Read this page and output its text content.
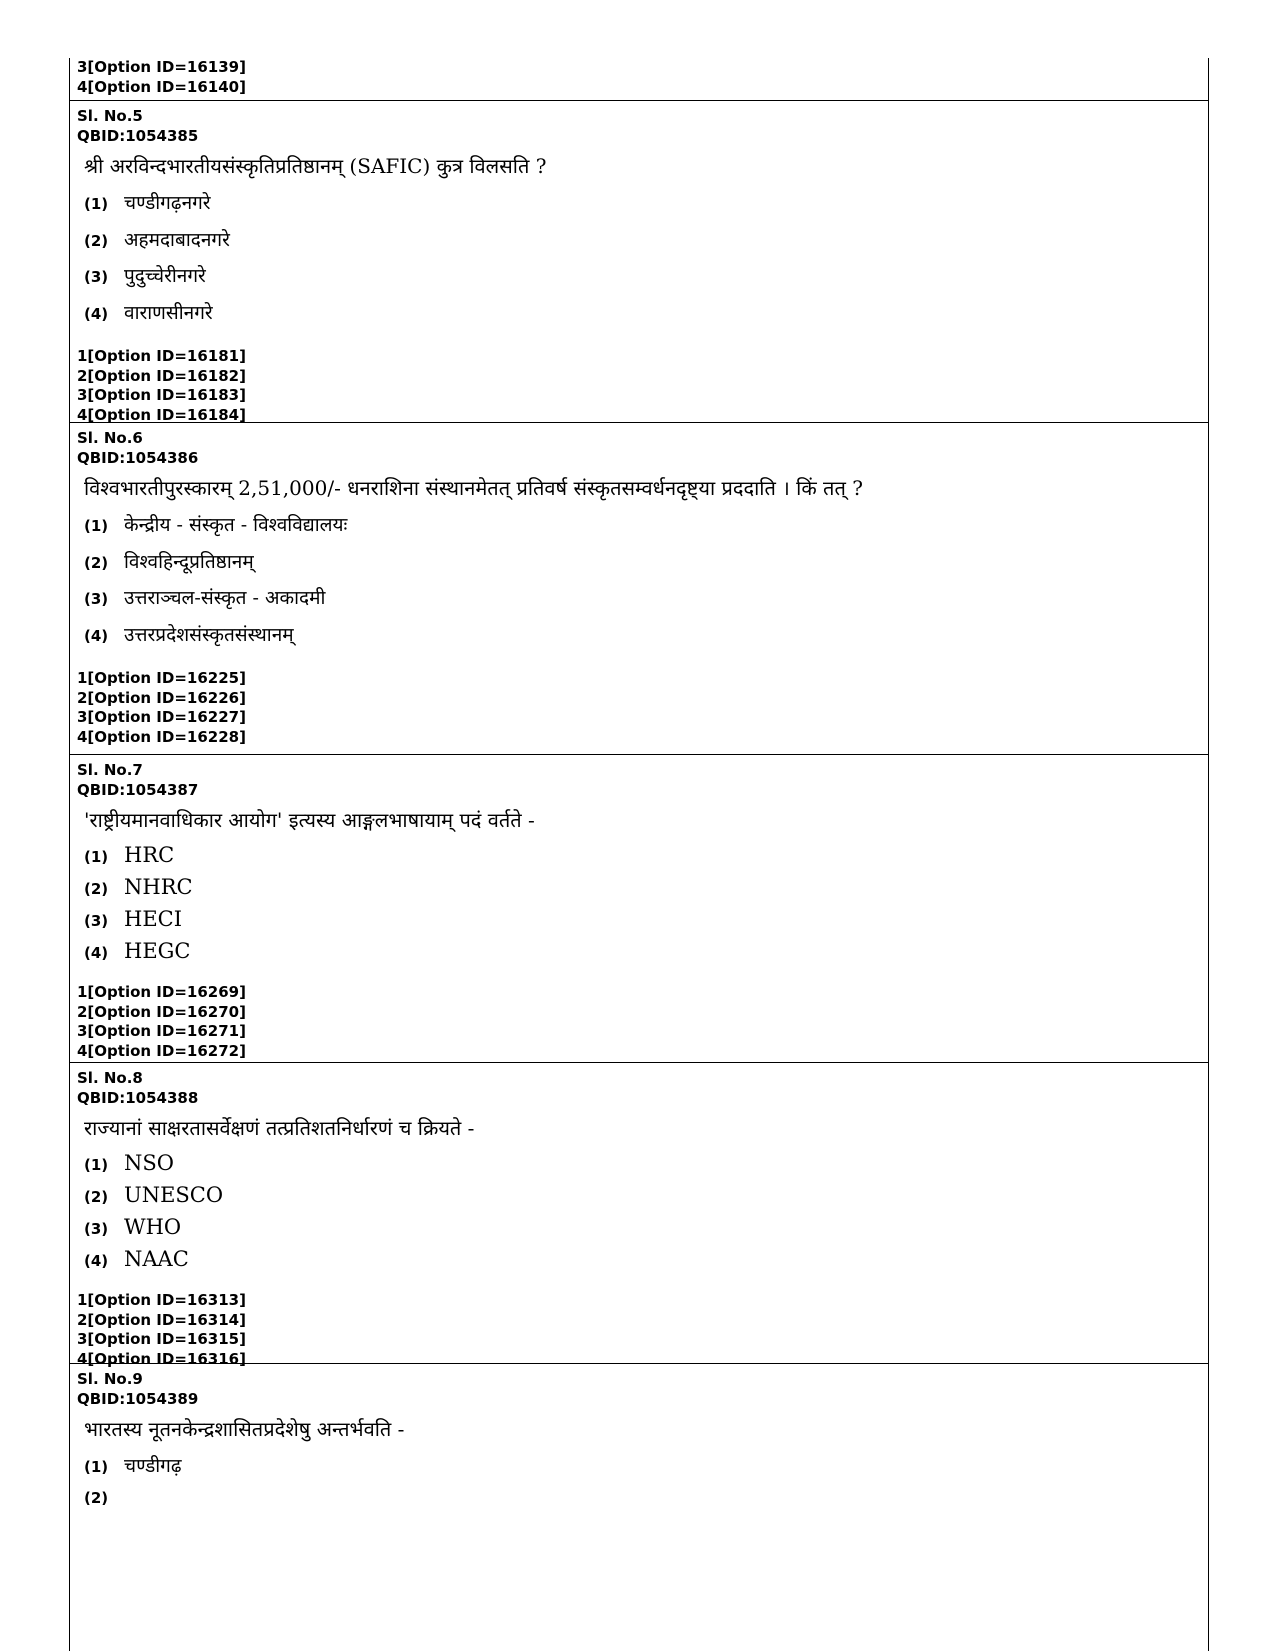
3[Option ID=16139]
4[Option ID=16140]
Sl. No.5
QBID:1054385
श्री अरविन्दभारतीयसंस्कृतिप्रतिष्ठानम् (SAFIC) कुत्र विलसति ?
(1) चण्डीगढ़नगरे
(2) अहमदाबादनगरे
(3) पुदुच्चेरीनगरे
(4) वाराणसीनगरे
1[Option ID=16181]
2[Option ID=16182]
3[Option ID=16183]
4[Option ID=16184]
Sl. No.6
QBID:1054386
विश्वभारतीपुरस्कारम् 2,51,000/- धनराशिना संस्थानमेतत् प्रतिवर्ष संस्कृतसम्वर्धनदृष्ट्या प्रददाति । किं तत् ?
(1) केन्द्रीय - संस्कृत - विश्वविद्यालयः
(2) विश्वहिन्दूप्रतिष्ठानम्
(3) उत्तराञ्चल-संस्कृत - अकादमी
(4) उत्तरप्रदेशसंस्कृतसंस्थानम्
1[Option ID=16225]
2[Option ID=16226]
3[Option ID=16227]
4[Option ID=16228]
Sl. No.7
QBID:1054387
'राष्ट्रीयमानवाधिकार आयोग' इत्यस्य आङ्गलभाषायाम् पदं वर्तते -
(1) HRC
(2) NHRC
(3) HECI
(4) HEGC
1[Option ID=16269]
2[Option ID=16270]
3[Option ID=16271]
4[Option ID=16272]
Sl. No.8
QBID:1054388
राज्यानां साक्षरतासर्वेक्षणं तत्प्रतिशतनिर्धारणं च क्रियते -
(1) NSO
(2) UNESCO
(3) WHO
(4) NAAC
1[Option ID=16313]
2[Option ID=16314]
3[Option ID=16315]
4[Option ID=16316]
Sl. No.9
QBID:1054389
भारतस्य नूतनकेन्द्रशासितप्रदेशेषु अन्तर्भवति -
(1) चण्डीगढ़
(2)
